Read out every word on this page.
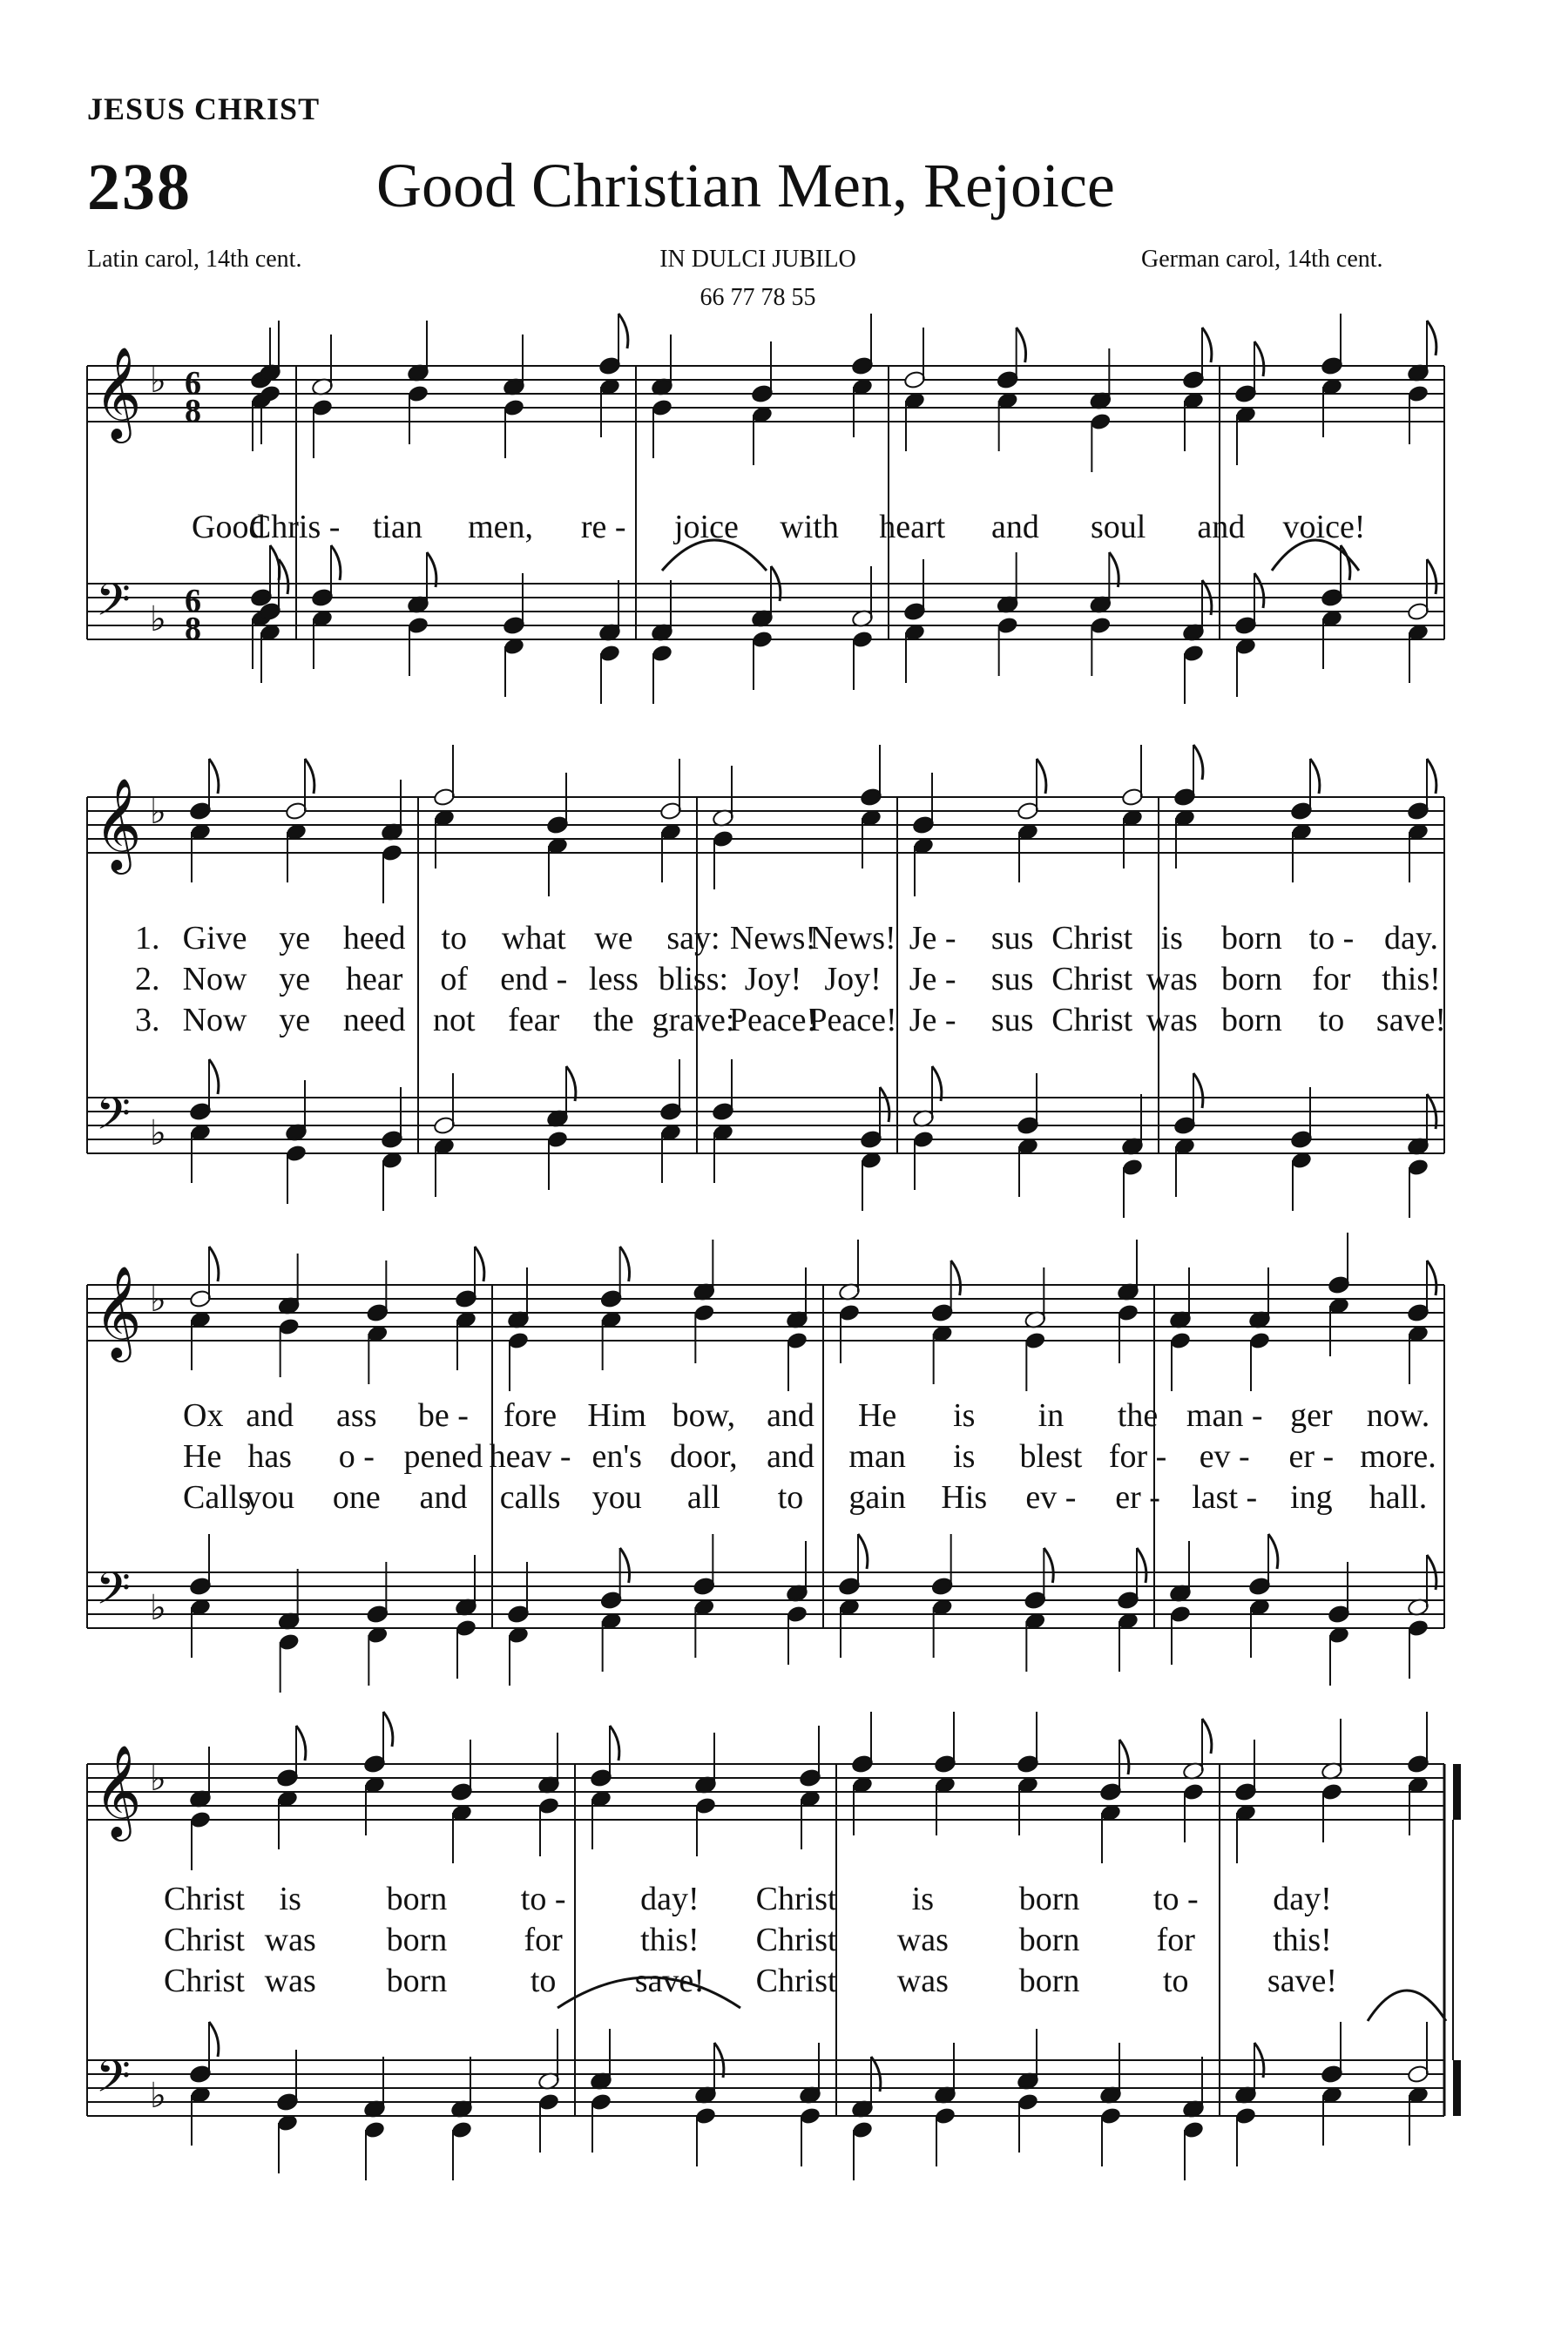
JESUS CHRIST
238	Good Christian Men, Rejoice
Latin carol, 14th cent.	IN DULCI JUBILO
66 77 78 55
German carol, 14th cent.
𝄞 ♭ 6
8
𝄢 ♭ 6
8
𝄞 ♭
𝄢 ♭
𝄞 ♭
𝄢 ♭
𝄞 ♭
𝄢 ♭
Good
Chris - tian men, re - joice with heart and soul and voice!
1. Give ye heed to what we say: News!
News! Je - sus Christ is born to - day.
2. Now ye hear of end - less bliss: Joy! Joy! Je - sus Christ was born for this!
3. Now ye need not fear the grave:
Peace!
Peace! Je - sus Christ was born to save!
Ox and ass be - fore Him bow, and He is in the man - ger now.
He has o - pened heav - en's door, and man is blest for - ev - er - more.
Calls
you one and calls you all to gain His ev - er - last - ing hall.
Christ is	born to - day! Christ is	born to - day!
Christ was born for this! Christ was born for this!
Christ was born	to save! Christ was born	to save!
